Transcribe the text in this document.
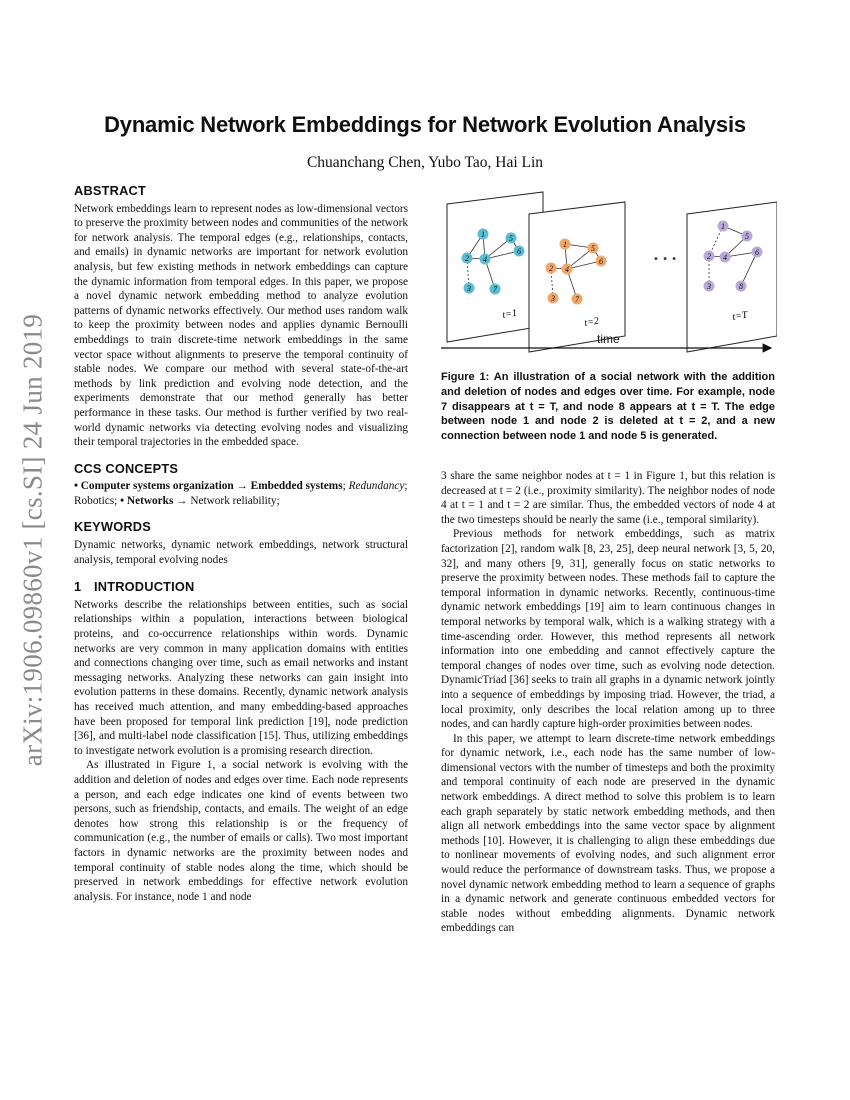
arXiv:1906.09860v1 [cs.SI] 24 Jun 2019
Dynamic Network Embeddings for Network Evolution Analysis
Chuanchang Chen, Yubo Tao, Hai Lin
ABSTRACT

Network embeddings learn to represent nodes as low-dimensional vectors to preserve the proximity between nodes and communities of the network for network analysis. The temporal edges (e.g., relationships, contacts, and emails) in dynamic networks are important for network evolution analysis, but few existing methods in network embeddings can capture the dynamic information from temporal edges. In this paper, we propose a novel dynamic network embedding method to analyze evolution patterns of dynamic networks effectively. Our method uses random walk to keep the proximity between nodes and applies dynamic Bernoulli embeddings to train discrete-time network embeddings in the same vector space without alignments to preserve the temporal continuity of stable nodes. We compare our method with several state-of-the-art methods by link prediction and evolving node detection, and the experiments demonstrate that our method generally has better performance in these tasks. Our method is further verified by two real-world dynamic networks via detecting evolving nodes and visualizing their temporal trajectories in the embedded space.

CCS CONCEPTS

• Computer systems organization → Embedded systems; Redundancy; Robotics; • Networks → Network reliability;

KEYWORDS

Dynamic networks, dynamic network embeddings, network structural analysis, temporal evolving nodes

1 INTRODUCTION

Networks describe the relationships between entities, such as social relationships within a population, interactions between biological proteins, and co-occurrence relationships within words. Dynamic networks are very common in many application domains with entities and connections changing over time, such as email networks and instant messaging networks. Analyzing these networks can gain insight into evolution patterns in these domains. Recently, dynamic network analysis has received much attention, and many embedding-based approaches have been proposed for temporal link prediction [19], node prediction [36], and multi-label node classification [15]. Thus, utilizing embeddings to investigate network evolution is a promising research direction.

As illustrated in Figure 1, a social network is evolving with the addition and deletion of nodes and edges over time. Each node represents a person, and each edge indicates one kind of events between two persons, such as friendship, contacts, and emails. The weight of an edge denotes how strong this relationship is or the frequency of communication (e.g., the number of emails or calls). Two most important factors in dynamic networks are the proximity between nodes and temporal continuity of stable nodes along the time, which should be preserved in network embeddings for effective network evolution analysis. For instance, node 1 and node

1
2 4
5
6
3	7
t=1
1
2 4
5
6
3	7
t=2
• • •
1
2 4
5
6
3	8
t=T
time
Figure 1: An illustration of a social network with the addition and deletion of nodes and edges over time. For example, node 7 disappears at t = T, and node 8 appears at t = T. The edge between node 1 and node 2 is deleted at t = 2, and a new connection between node 1 and node 5 is generated.

3 share the same neighbor nodes at t = 1 in Figure 1, but this relation is decreased at t = 2 (i.e., proximity similarity). The neighbor nodes of node 4 at t = 1 and t = 2 are similar. Thus, the embedded vectors of node 4 at the two timesteps should be nearly the same (i.e., temporal similarity).

Previous methods for network embeddings, such as matrix factorization [2], random walk [8, 23, 25], deep neural network [3, 5, 20, 32], and many others [9, 31], generally focus on static networks to preserve the proximity between nodes. These methods fail to capture the temporal information in dynamic networks. Recently, continuous-time dynamic network embeddings [19] aim to learn continuous changes in temporal networks by temporal walk, which is a walking strategy with a time-ascending order. However, this method represents all network information into one embedding and cannot effectively capture the temporal changes of nodes over time, such as evolving node detection. DynamicTriad [36] seeks to train all graphs in a dynamic network jointly into a sequence of embeddings by imposing triad. However, the triad, a local proximity, only describes the local relation among up to three nodes, and can hardly capture high-order proximities between nodes.

In this paper, we attempt to learn discrete-time network embeddings for dynamic network, i.e., each node has the same number of low-dimensional vectors with the number of timesteps and both the proximity and temporal continuity of each node are preserved in the dynamic network embeddings. A direct method to solve this problem is to learn each graph separately by static network embedding methods, and then align all network embeddings into the same vector space by alignment methods [10]. However, it is challenging to align these embeddings due to nonlinear movements of evolving nodes, and such alignment error would reduce the performance of downstream tasks. Thus, we propose a novel dynamic network embedding method to learn a sequence of graphs in a dynamic network and generate continuous embedded vectors for stable nodes without embedding alignments. Dynamic network embeddings can
